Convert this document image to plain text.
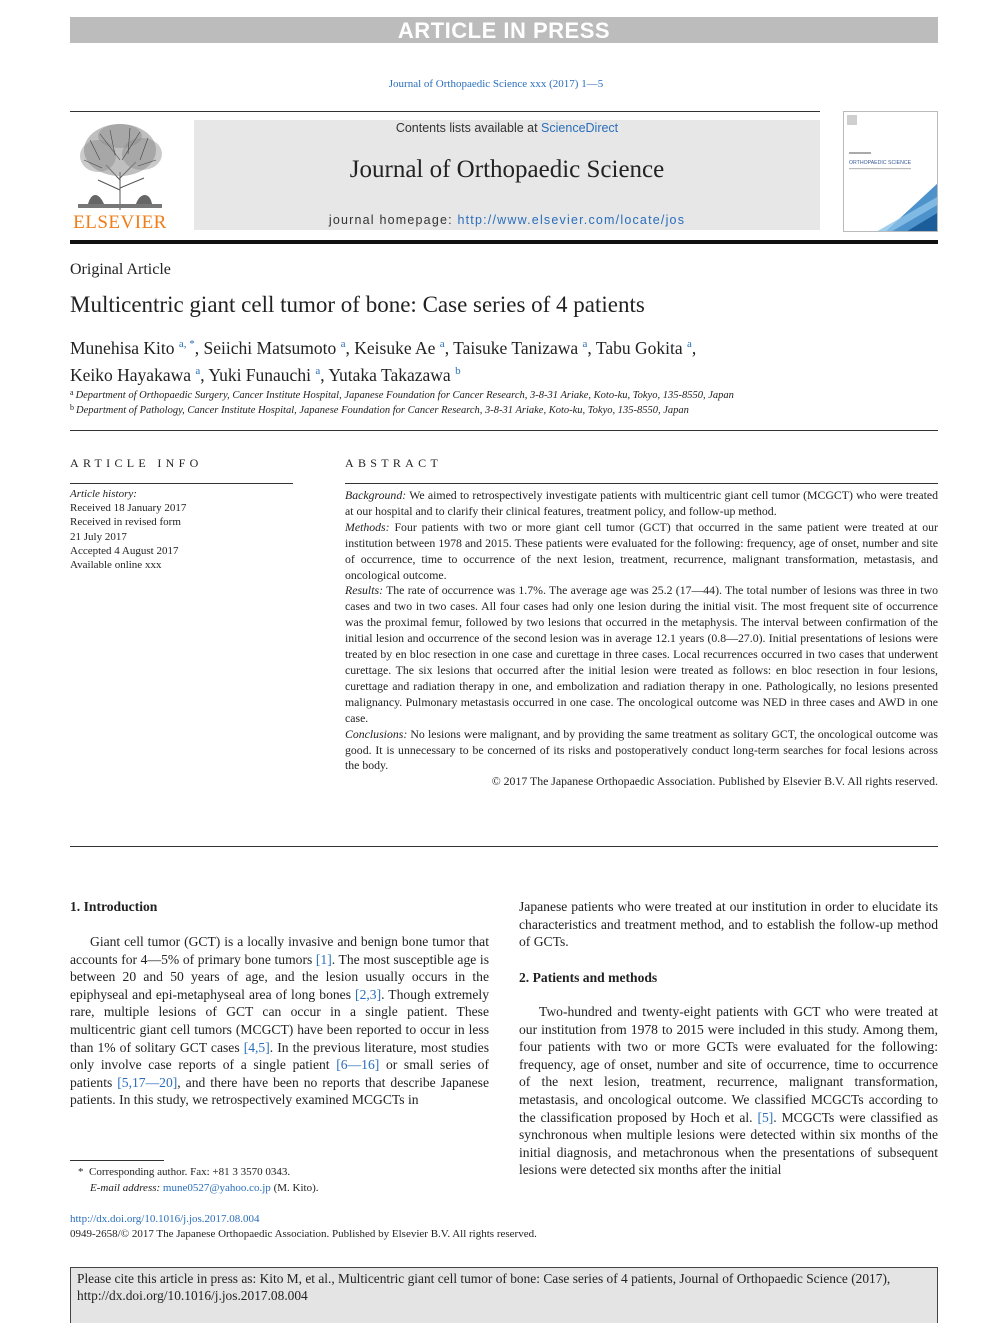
ARTICLE IN PRESS
Journal of Orthopaedic Science xxx (2017) 1—5
ELSEVIER
Contents lists available at ScienceDirect
Journal of Orthopaedic Science
journal homepage: http://www.elsevier.com/locate/jos
ORTHOPAEDIC SCIENCE
Original Article
Multicentric giant cell tumor of bone: Case series of 4 patients
Munehisa Kito $^{a, *}$, Seiichi Matsumoto $^a$, Keisuke Ae $^a$, Taisuke Tanizawa $^a$, Tabu Gokita $^a$,
Keiko Hayakawa $^a$, Yuki Funauchi $^a$, Yutaka Takazawa $^b$
$^a$ Department of Orthopaedic Surgery, Cancer Institute Hospital, Japanese Foundation for Cancer Research, 3-8-31 Ariake, Koto-ku, Tokyo, 135-8550, Japan
$^b$ Department of Pathology, Cancer Institute Hospital, Japanese Foundation for Cancer Research, 3-8-31 Ariake, Koto-ku, Tokyo, 135-8550, Japan
ARTICLE INFO
Article history:
Received 18 January 2017
Received in revised form
21 July 2017
Accepted 4 August 2017
Available online xxx
ABSTRACT
Background: We aimed to retrospectively investigate patients with multicentric giant cell tumor (MCGCT) who were treated at our hospital and to clarify their clinical features, treatment policy, and follow-up method.
Methods: Four patients with two or more giant cell tumor (GCT) that occurred in the same patient were treated at our institution between 1978 and 2015. These patients were evaluated for the following: frequency, age of onset, number and site of occurrence, time to occurrence of the next lesion, treatment, recurrence, malignant transformation, metastasis, and oncological outcome.
Results: The rate of occurrence was 1.7%. The average age was 25.2 (17—44). The total number of lesions was three in two cases and two in two cases. All four cases had only one lesion during the initial visit. The most frequent site of occurrence was the proximal femur, followed by two lesions that occurred in the metaphysis. The interval between confirmation of the initial lesion and occurrence of the second lesion was in average 12.1 years (0.8—27.0). Initial presentations of lesions were treated by en bloc resection in one case and curettage in three cases. Local recurrences occurred in two cases that underwent curettage. The six lesions that occurred after the initial lesion were treated as follows: en bloc resection in four lesions, curettage and radiation therapy in one, and embolization and radiation therapy in one. Pathologically, no lesions presented malignancy. Pulmonary metastasis occurred in one case. The oncological outcome was NED in three cases and AWD in one case.
Conclusions: No lesions were malignant, and by providing the same treatment as solitary GCT, the oncological outcome was good. It is unnecessary to be concerned of its risks and postoperatively conduct long-term searches for focal lesions across the body.
© 2017 The Japanese Orthopaedic Association. Published by Elsevier B.V. All rights reserved.
1. Introduction

Giant cell tumor (GCT) is a locally invasive and benign bone tumor that accounts for 4—5% of primary bone tumors [1]. The most susceptible age is between 20 and 50 years of age, and the lesion usually occurs in the epiphyseal and epi-metaphyseal area of long bones [2,3]. Though extremely rare, multiple lesions of GCT can occur in a single patient. These multicentric giant cell tumors (MCGCT) have been reported to occur in less than 1% of solitary GCT cases [4,5]. In the previous literature, most studies only involve case reports of a single patient [6—16] or small series of patients [5,17—20], and there have been no reports that describe Japanese patients. In this study, we retrospectively examined MCGCTs in

* Corresponding author. Fax: +81 3 3570 0343.
E-mail address: mune0527@yahoo.co.jp (M. Kito).
Japanese patients who were treated at our institution in order to elucidate its characteristics and treatment method, and to establish the follow-up method of GCTs.
2. Patients and methods

Two-hundred and twenty-eight patients with GCT who were treated at our institution from 1978 to 2015 were included in this study. Among them, four patients with two or more GCTs were evaluated for the following: frequency, age of onset, number and site of occurrence, time to occurrence of the next lesion, treatment, recurrence, malignant transformation, metastasis, and oncological outcome. We classified MCGCTs according to the classification proposed by Hoch et al. [5]. MCGCTs were classified as synchronous when multiple lesions were detected within six months of the initial diagnosis, and metachronous when the presentations of subsequent lesions were detected six months after the initial

http://dx.doi.org/10.1016/j.jos.2017.08.004
0949-2658/© 2017 The Japanese Orthopaedic Association. Published by Elsevier B.V. All rights reserved.
Please cite this article in press as: Kito M, et al., Multicentric giant cell tumor of bone: Case series of 4 patients, Journal of Orthopaedic Science (2017), http://dx.doi.org/10.1016/j.jos.2017.08.004
